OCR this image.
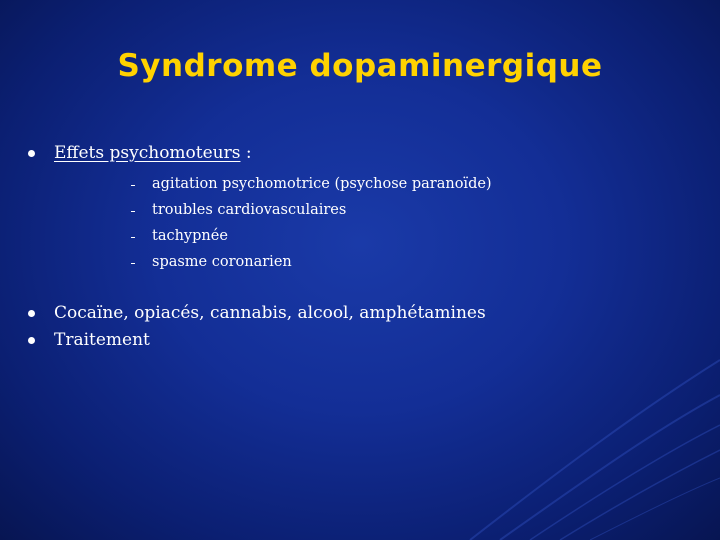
Syndrome dopaminergique
Effets psychomoteurs :
agitation psychomotrice (psychose paranoïde)
troubles cardiovasculaires
tachypnée
spasme coronarien
Cocaïne, opiacés, cannabis, alcool, amphétamines
Traitement
